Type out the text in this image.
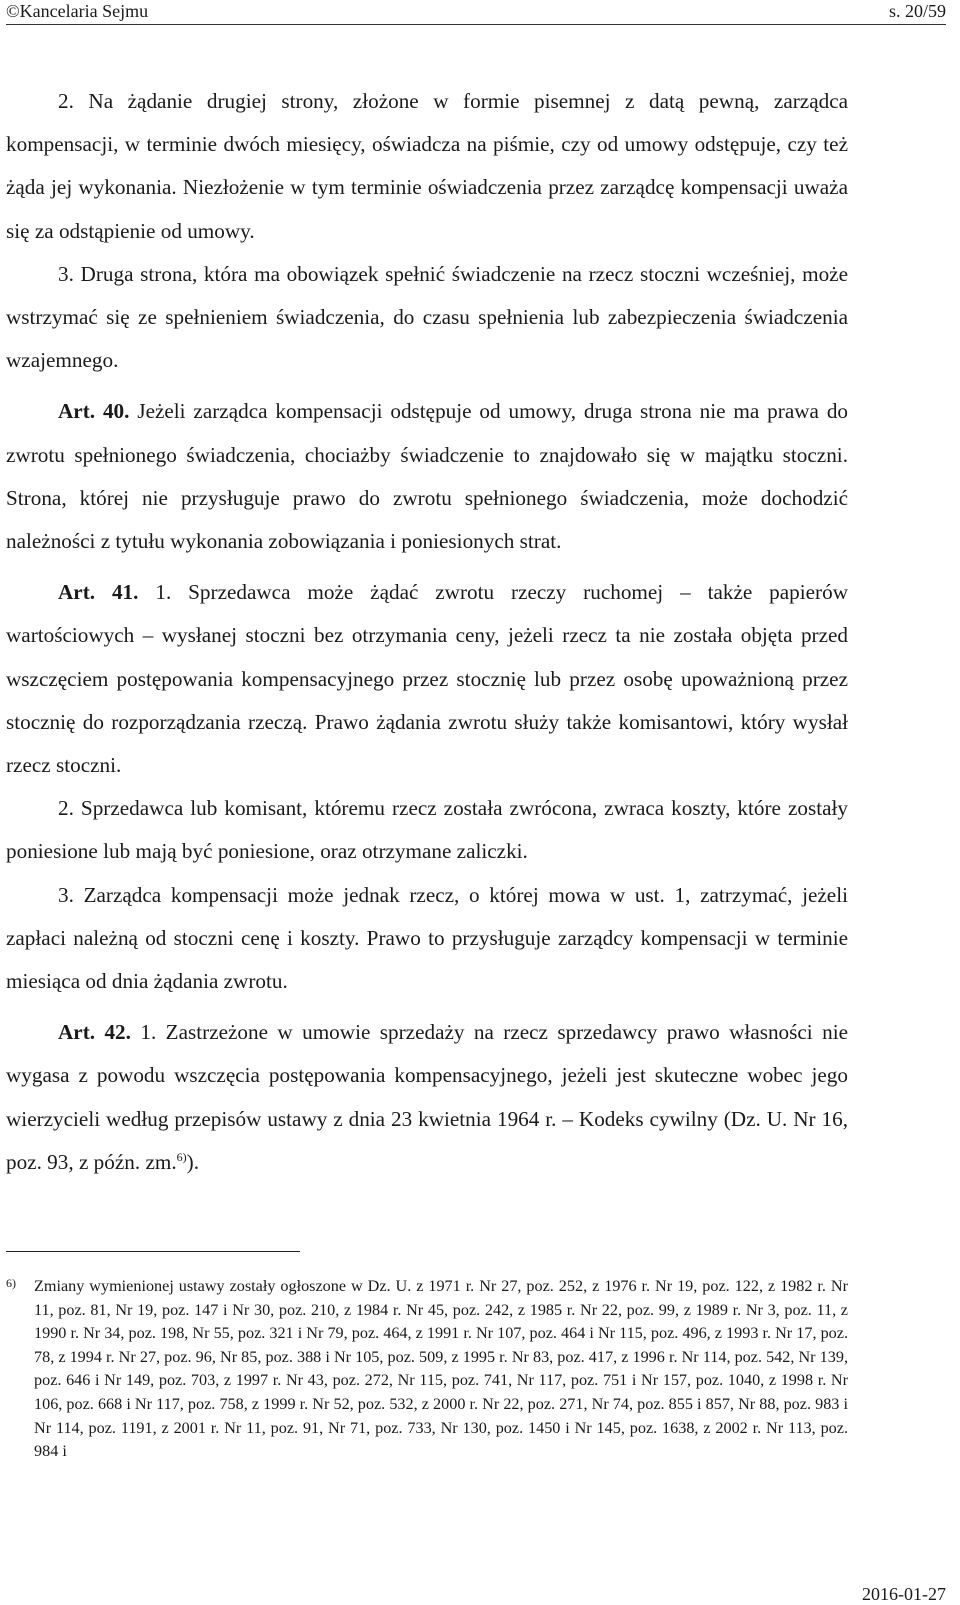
©Kancelaria Sejmu	s. 20/59

2. Na żądanie drugiej strony, złożone w formie pisemnej z datą pewną, zarządca kompensacji, w terminie dwóch miesięcy, oświadcza na piśmie, czy od umowy odstępuje, czy też żąda jej wykonania. Niezłożenie w tym terminie oświadczenia przez zarządcę kompensacji uważa się za odstąpienie od umowy.

3. Druga strona, która ma obowiązek spełnić świadczenie na rzecz stoczni wcześniej, może wstrzymać się ze spełnieniem świadczenia, do czasu spełnienia lub zabezpieczenia świadczenia wzajemnego.

Art. 40. Jeżeli zarządca kompensacji odstępuje od umowy, druga strona nie ma prawa do zwrotu spełnionego świadczenia, chociażby świadczenie to znajdowało się w majątku stoczni. Strona, której nie przysługuje prawo do zwrotu spełnionego świadczenia, może dochodzić należności z tytułu wykonania zobowiązania i poniesionych strat.

Art. 41. 1. Sprzedawca może żądać zwrotu rzeczy ruchomej – także papierów wartościowych – wysłanej stoczni bez otrzymania ceny, jeżeli rzecz ta nie została objęta przed wszczęciem postępowania kompensacyjnego przez stocznię lub przez osobę upoważnioną przez stocznię do rozporządzania rzeczą. Prawo żądania zwrotu służy także komisantowi, który wysłał rzecz stoczni.

2. Sprzedawca lub komisant, któremu rzecz została zwrócona, zwraca koszty, które zostały poniesione lub mają być poniesione, oraz otrzymane zaliczki.

3. Zarządca kompensacji może jednak rzecz, o której mowa w ust. 1, zatrzymać, jeżeli zapłaci należną od stoczni cenę i koszty. Prawo to przysługuje zarządcy kompensacji w terminie miesiąca od dnia żądania zwrotu.

Art. 42. 1. Zastrzeżone w umowie sprzedaży na rzecz sprzedawcy prawo własności nie wygasa z powodu wszczęcia postępowania kompensacyjnego, jeżeli jest skuteczne wobec jego wierzycieli według przepisów ustawy z dnia 23 kwietnia 1964 r. – Kodeks cywilny (Dz. U. Nr 16, poz. 93, z późn. zm.$^{6)}$).

6) Zmiany wymienionej ustawy zostały ogłoszone w Dz. U. z 1971 r. Nr 27, poz. 252, z 1976 r. Nr 19, poz. 122, z 1982 r. Nr 11, poz. 81, Nr 19, poz. 147 i Nr 30, poz. 210, z 1984 r. Nr 45, poz. 242, z 1985 r. Nr 22, poz. 99, z 1989 r. Nr 3, poz. 11, z 1990 r. Nr 34, poz. 198, Nr 55, poz. 321 i Nr 79, poz. 464, z 1991 r. Nr 107, poz. 464 i Nr 115, poz. 496, z 1993 r. Nr 17, poz. 78, z 1994 r. Nr 27, poz. 96, Nr 85, poz. 388 i Nr 105, poz. 509, z 1995 r. Nr 83, poz. 417, z 1996 r. Nr 114, poz. 542, Nr 139, poz. 646 i Nr 149, poz. 703, z 1997 r. Nr 43, poz. 272, Nr 115, poz. 741, Nr 117, poz. 751 i Nr 157, poz. 1040, z 1998 r. Nr 106, poz. 668 i Nr 117, poz. 758, z 1999 r. Nr 52, poz. 532, z 2000 r. Nr 22, poz. 271, Nr 74, poz. 855 i 857, Nr 88, poz. 983 i Nr 114, poz. 1191, z 2001 r. Nr 11, poz. 91, Nr 71, poz. 733, Nr 130, poz. 1450 i Nr 145, poz. 1638, z 2002 r. Nr 113, poz. 984 i
2016-01-27
